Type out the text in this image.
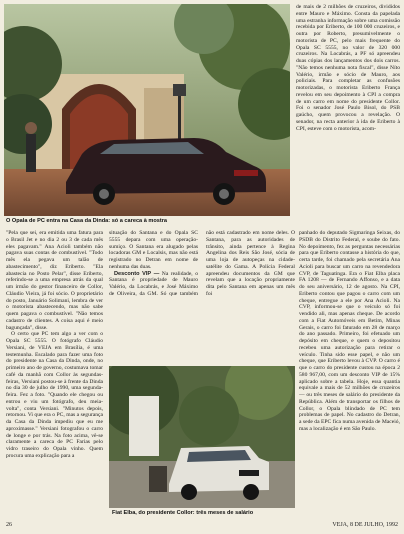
O Opala de PC entra na Casa da Dinda: só a careca à mostra

de mais de 2 milhões de cruzeiros, divididos entre Mauro e Máximo. Consta da papelada uma estranha informação sobre uma comissão recebida por Eriberto, de 100 000 cruzeiros, e outra por Roberto, presumivelmente o motorista de PC, pelo mais frequente do Opala SC 5555, no valor de 320 000 cruzeiros. Na Locabrás, a PF só apreendeu duas cópias dos lançamentos dos dois carros. "Não temos nenhuma nota fiscal", disse Níto Valério, irmão e sócio de Mauro, aos policiais. Para completar as confusões motorizadas, o motorista Eriberto França revelou em seu depoimento à CPI a compra de um carro em nome do presidente Collor. Foi o senador José Paulo Bisol, do PSB gaúcho, quem provocou a revelação. O senador, na recta anterior à ida de Eriberto à CPI, esteve com o motorista, acom-

"Pela que sei, era emitida uma fatura para o Brasil Jet e no dia 2 ou 3 de cada mês eles pagavam." Ana Acioli também não pagava suas contas de combustível. "Todo mês ela pegava um talão de abastecimento", diz Eriberto. "Ela abastecia no Posto Pelar", disse Eriberto, referindo-se a uma empresa atrás da qual um irmão do gestor financeiro de Collor, Cláudio Vieira, já foi sócio. O proprietário do posto, Januário Solimani, lembra de ver o motorista abastecendo, mas não sabe quem pagava o combustível. "Não temos cadastro de clientes. A coisa aqui é meio bagunçada", disse.

O certo que PC tem algo a ver com o Opala SC 5555. O fotógrafo Cláudio Versiani, de VEJA em Brasília, é uma testemunha. Escalado para fazer uma foto do presidente na Casa da Dinda, onde, no primeiro ano de governo, costumava tomar café da manhã com Collor às segundas-feiras, Versiani postou-se à frente da Dinda no dia 30 de julho de 1990, uma segunda-feira. Fez a foto. "Quando ele chegou ou entrou e viu um fotógrafo, deu meia-volta", conta Versiani. "Minutos depois, retornou. Vi que era o PC, mas a segurança da Casa da Dinda impediu que eu me aproximasse." Versiani fotografou o carro de longe e por trás. Na foto acima, vê-se claramente a careca de PC Farias pelo vidro traseiro do Opala vinho. Quem procura uma explicação para a

situação do Santana e do Opala SC 5555 depara com uma operação-sumiço. O Santana era alugado pelas locadoras GM e Localsis, mas não está registrado no Detran em nome de nenhuma das duas.

Desconto VIP — Na realidade, o Santana é propriedade de Mauro Valério, da Locabrás, e José Máximo de Oliveira, da GM. Só que também não está cadastrado em nome deles. O Santana, para as autoridades de trânsito, ainda pertence à Regina Angelina dos Reis São José, sócia de uma loja de autopeças na cidade-satélite do Gama. A Polícia Federal apreendeu documentos da GM que revelam que a locação propriamente dita pelo Santana em apenas um mês foi

Fiat Elba, do presidente Collor: três meses de salário

panhado do deputado Sigmaringa Seixas, do PSDB do Distrito Federal, e soube do fato. No depoimento, fez as perguntas necessárias para que Eriberto contasse a história do que, certa tarde, foi chamado pela secretária Ana Acioli para buscar um carro na revendedora CVP, de Taguatinga. Era o Fiat Elba placa FA 1208 — de Fernando Affonso, e a data do seu aniversário, 12 de agosto. Na CPI, Eriberto contou que pagou o carro com um cheque, entregue a ele por Ana Acioli. Na CVP, informou-se que o veículo só foi vendido ali, mas apenas cheque. De acordo com a Fiat Automóveis em Betim, Minas Gerais, o carro foi faturado em 28 de março do ano passado. Primeiro, foi efetuado um depósito em cheque, e quem o depositou recebeu uma autorização para retirar o veículo. Tinha sido esse papel, e não um cheque, que Eriberto levou à CVP. O carro é que o carro do presidente custou na época 2 580 967,00, com um desconto VIP de 15% aplicado sobre a tabela. Hoje, essa quantia equivale a mais de 52 milhões de cruzeiros — ou três meses de salário do presidente da República. Além de transportar os filhos de Collor, o Opala blindado de PC tem problemas de papel. No cadastro do Detran, a sede da EPC fica numa avenida de Maceió, mas a localização é em São Paulo.

26	VEJA, 8 DE JULHO, 1992
